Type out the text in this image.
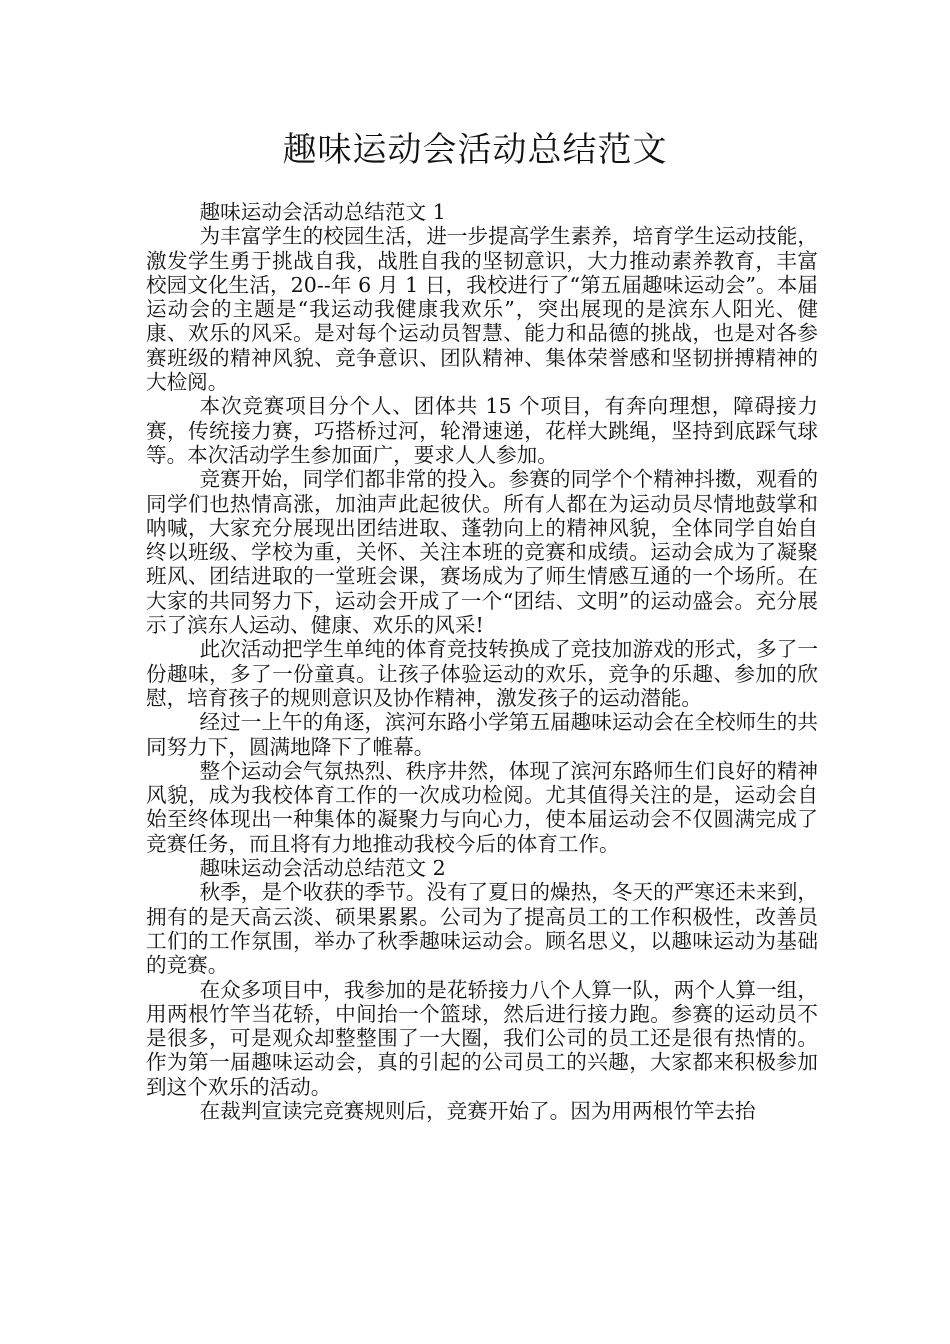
趣味运动会活动总结范文

趣味运动会活动总结范文 1

为丰富学生的校园生活，进一步提高学生素养，培育学生运动技能，激发学生勇于挑战自我，战胜自我的坚韧意识，大力推动素养教育，丰富校园文化生活，20--年 6 月 1 日，我校进行了“第五届趣味运动会”。本届运动会的主题是“我运动我健康我欢乐”，突出展现的是滨东人阳光、健康、欢乐的风采。是对每个运动员智慧、能力和品德的挑战，也是对各参赛班级的精神风貌、竞争意识、团队精神、集体荣誉感和坚韧拼搏精神的大检阅。

本次竞赛项目分个人、团体共 15 个项目，有奔向理想，障碍接力赛，传统接力赛，巧搭桥过河，轮滑速递，花样大跳绳，坚持到底踩气球等。本次活动学生参加面广，要求人人参加。

竞赛开始，同学们都非常的投入。参赛的同学个个精神抖擞，观看的同学们也热情高涨，加油声此起彼伏。所有人都在为运动员尽情地鼓掌和呐喊，大家充分展现出团结进取、蓬勃向上的精神风貌，全体同学自始自终以班级、学校为重，关怀、关注本班的竞赛和成绩。运动会成为了凝聚班风、团结进取的一堂班会课，赛场成为了师生情感互通的一个场所。在大家的共同努力下，运动会开成了一个“团结、文明”的运动盛会。充分展示了滨东人运动、健康、欢乐的风采!

此次活动把学生单纯的体育竞技转换成了竞技加游戏的形式，多了一份趣味，多了一份童真。让孩子体验运动的欢乐，竞争的乐趣、参加的欣慰，培育孩子的规则意识及协作精神，激发孩子的运动潜能。

经过一上午的角逐，滨河东路小学第五届趣味运动会在全校师生的共同努力下，圆满地降下了帷幕。

整个运动会气氛热烈、秩序井然，体现了滨河东路师生们良好的精神风貌，成为我校体育工作的一次成功检阅。尤其值得关注的是，运动会自始至终体现出一种集体的凝聚力与向心力，使本届运动会不仅圆满完成了竞赛任务，而且将有力地推动我校今后的体育工作。

趣味运动会活动总结范文 2

秋季，是个收获的季节。没有了夏日的燥热，冬天的严寒还未来到，拥有的是天高云淡、硕果累累。公司为了提高员工的工作积极性，改善员工们的工作氛围，举办了秋季趣味运动会。顾名思义，以趣味运动为基础的竞赛。

在众多项目中，我参加的是花轿接力八个人算一队，两个人算一组，用两根竹竿当花轿，中间抬一个篮球，然后进行接力跑。参赛的运动员不是很多，可是观众却整整围了一大圈，我们公司的员工还是很有热情的。作为第一届趣味运动会，真的引起的公司员工的兴趣，大家都来积极参加到这个欢乐的活动。

在裁判宣读完竞赛规则后，竞赛开始了。因为用两根竹竿去抬
